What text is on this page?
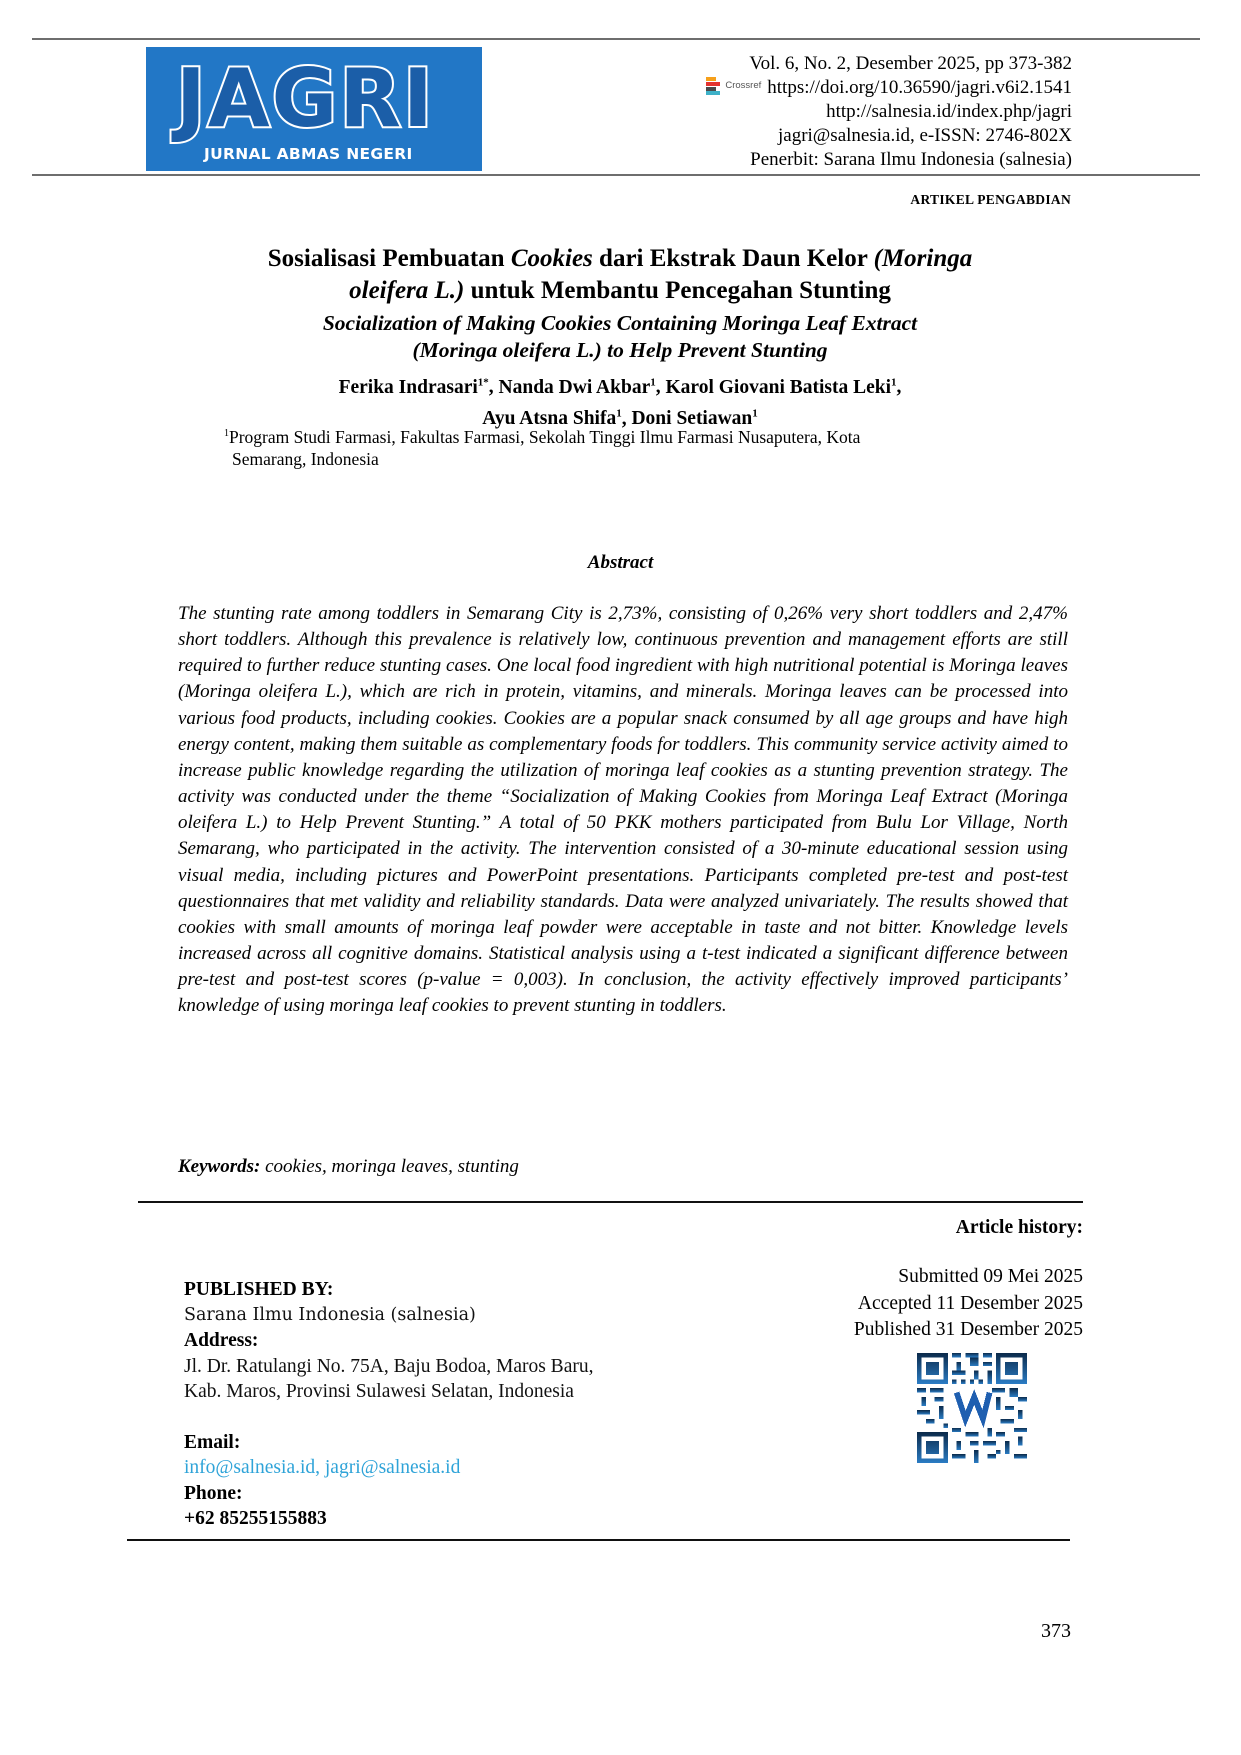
JAGRI
JURNAL ABMAS NEGERI
Vol. 6, No. 2, Desember 2025, pp 373-382
Crossref https://doi.org/10.36590/jagri.v6i2.1541
http://salnesia.id/index.php/jagri
jagri@salnesia.id, e-ISSN: 2746-802X
Penerbit: Sarana Ilmu Indonesia (salnesia)
ARTIKEL PENGABDIAN
Sosialisasi Pembuatan Cookies dari Ekstrak Daun Kelor (Moringa
oleifera L.) untuk Membantu Pencegahan Stunting
Socialization of Making Cookies Containing Moringa Leaf Extract
(Moringa oleifera L.) to Help Prevent Stunting
Ferika Indrasari$^{1*}$, Nanda Dwi Akbar$^1$, Karol Giovani Batista Leki$^1$,
Ayu Atsna Shifa$^1$, Doni Setiawan$^1$
$^1$Program Studi Farmasi, Fakultas Farmasi, Sekolah Tinggi Ilmu Farmasi Nusaputera, Kota
Semarang, Indonesia
Abstract
The stunting rate among toddlers in Semarang City is 2,73%, consisting of 0,26% very short toddlers and 2,47% short toddlers. Although this prevalence is relatively low, continuous prevention and management efforts are still required to further reduce stunting cases. One local food ingredient with high nutritional potential is Moringa leaves (Moringa oleifera L.), which are rich in protein, vitamins, and minerals. Moringa leaves can be processed into various food products, including cookies. Cookies are a popular snack consumed by all age groups and have high energy content, making them suitable as complementary foods for toddlers. This community service activity aimed to increase public knowledge regarding the utilization of moringa leaf cookies as a stunting prevention strategy. The activity was conducted under the theme “Socialization of Making Cookies from Moringa Leaf Extract (Moringa oleifera L.) to Help Prevent Stunting.” A total of 50 PKK mothers participated from Bulu Lor Village, North Semarang, who participated in the activity. The intervention consisted of a 30-minute educational session using visual media, including pictures and PowerPoint presentations. Participants completed pre-test and post-test questionnaires that met validity and reliability standards. Data were analyzed univariately. The results showed that cookies with small amounts of moringa leaf powder were acceptable in taste and not bitter. Knowledge levels increased across all cognitive domains. Statistical analysis using a t-test indicated a significant difference between pre-test and post-test scores (p-value = 0,003). In conclusion, the activity effectively improved participants’ knowledge of using moringa leaf cookies to prevent stunting in toddlers.
Keywords: cookies, moringa leaves, stunting
Article history:
Submitted 09 Mei 2025
Accepted 11 Desember 2025
Published 31 Desember 2025
PUBLISHED BY:
Sarana Ilmu Indonesia (salnesia)
Address:
Jl. Dr. Ratulangi No. 75A, Baju Bodoa, Maros Baru,
Kab. Maros, Provinsi Sulawesi Selatan, Indonesia
Email:
info@salnesia.id, jagri@salnesia.id
Phone:
+62 85255155883
373
